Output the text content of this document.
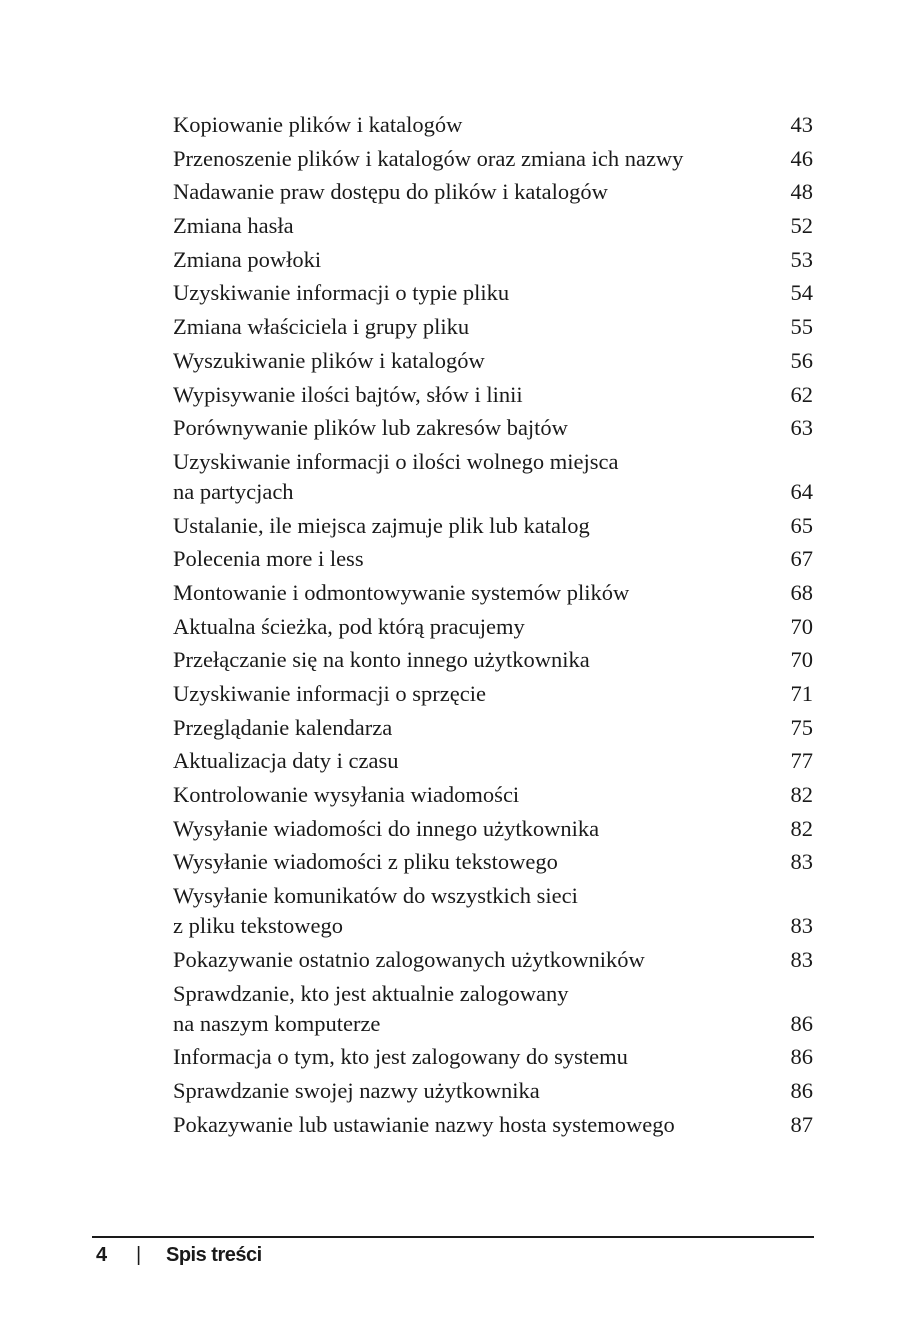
Kopiowanie plików i katalogów	43
Przenoszenie plików i katalogów oraz zmiana ich nazwy	46
Nadawanie praw dostępu do plików i katalogów	48
Zmiana hasła	52
Zmiana powłoki	53
Uzyskiwanie informacji o typie pliku	54
Zmiana właściciela i grupy pliku	55
Wyszukiwanie plików i katalogów	56
Wypisywanie ilości bajtów, słów i linii	62
Porównywanie plików lub zakresów bajtów	63
Uzyskiwanie informacji o ilości wolnego miejsca
na partycjach	64
Ustalanie, ile miejsca zajmuje plik lub katalog	65
Polecenia more i less	67
Montowanie i odmontowywanie systemów plików	68
Aktualna ścieżka, pod którą pracujemy	70
Przełączanie się na konto innego użytkownika	70
Uzyskiwanie informacji o sprzęcie	71
Przeglądanie kalendarza	75
Aktualizacja daty i czasu	77
Kontrolowanie wysyłania wiadomości	82
Wysyłanie wiadomości do innego użytkownika	82
Wysyłanie wiadomości z pliku tekstowego	83
Wysyłanie komunikatów do wszystkich sieci
z pliku tekstowego	83
Pokazywanie ostatnio zalogowanych użytkowników	83
Sprawdzanie, kto jest aktualnie zalogowany
na naszym komputerze	86
Informacja o tym, kto jest zalogowany do systemu	86
Sprawdzanie swojej nazwy użytkownika	86
Pokazywanie lub ustawianie nazwy hosta systemowego	87
4	|	Spis treści
